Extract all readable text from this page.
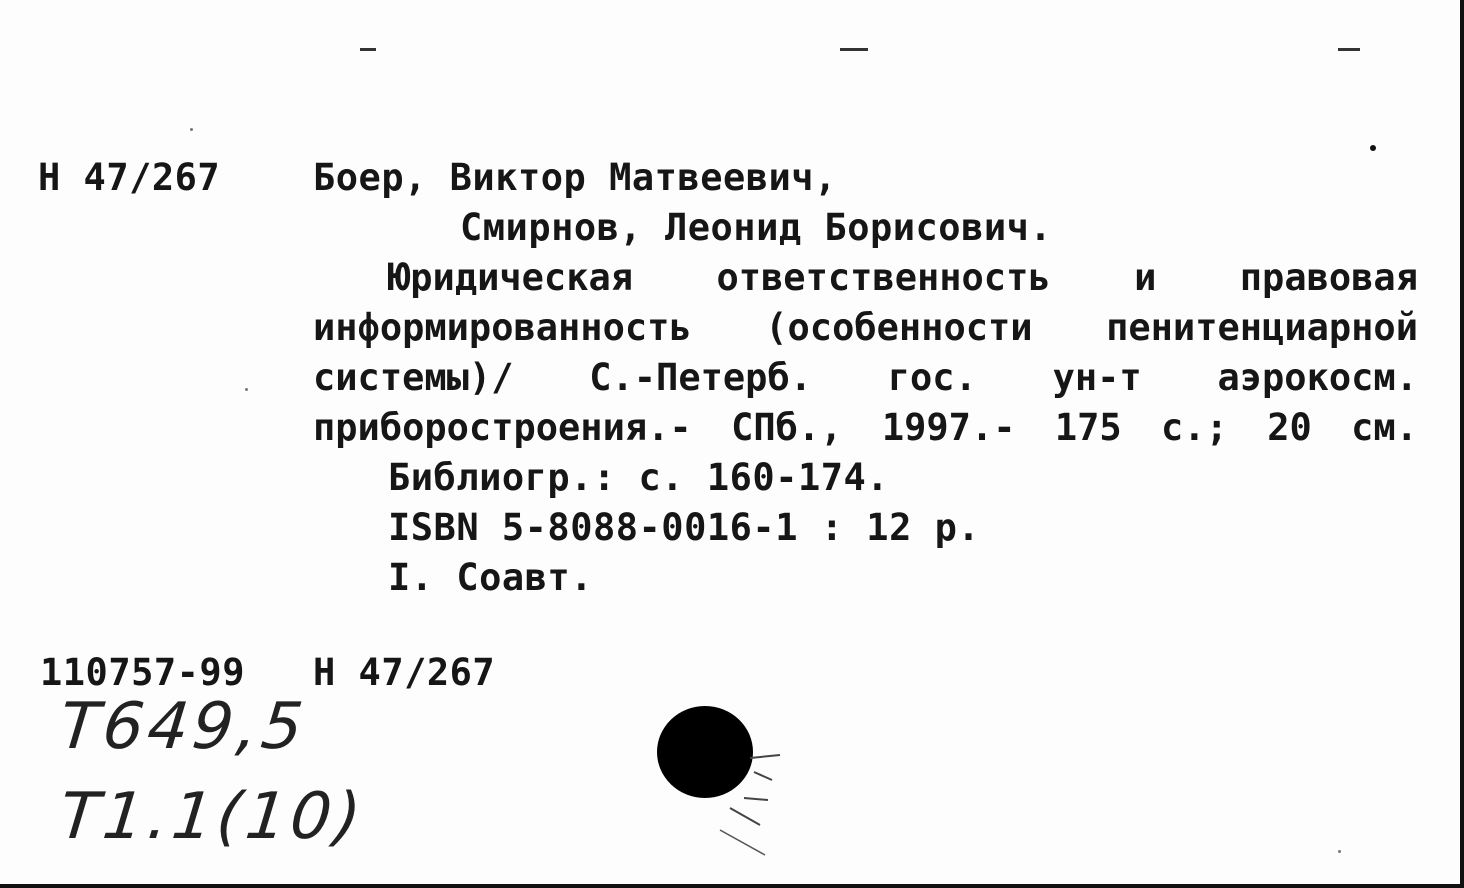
Н 47/267	Боер, Виктор Матвеевич,
Смирнов, Леонид Борисович.
Юридическая ответственность и правовая
информированность (особенности пенитенциарной
системы)/ С.-Петерб. гос. ун-т аэрокосм.
приборостроения.- СПб., 1997.- 175 с.; 20 см.
Библиогр.: с. 160-174.
ISBN 5-8088-0016-1 : 12 р.
I. Соавт.
110757-99 Н 47/267
Т649,5
Т1.1(10)
